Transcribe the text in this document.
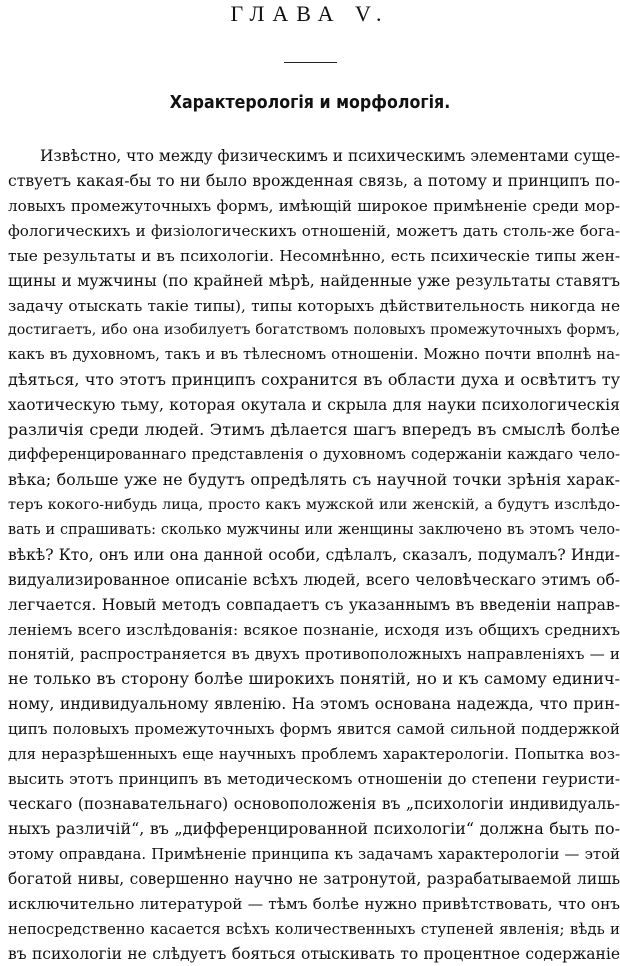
ГЛАВА V.
Характерологія и морфологія.
Извѣстно, что между физическимъ и психическимъ элементами суще-
ствуетъ какая-бы то ни было врожденная связь, а потому и принципъ по-
ловыхъ промежуточныхъ формъ, имѣющій широкое примѣненіе среди мор-
фологическихъ и физіологическихъ отношеній, можетъ дать столь-же бога-
тые результаты и въ психологіи. Несомнѣнно, есть психическіе типы жен-
щины и мужчины (по крайней мѣрѣ, найденные уже результаты ставятъ
задачу отыскать такіе типы), типы которыхъ дѣйствительность никогда не
достигаетъ, ибо она изобилуетъ богатствомъ половыхъ промежуточныхъ формъ,
какъ въ духовномъ, такъ и въ тѣлесномъ отношеніи. Можно почти вполнѣ на-
дѣяться, что этотъ принципъ сохранится въ области духа и освѣтитъ ту
хаотическую тьму, которая окутала и скрыла для науки психологическія
различія среди людей. Этимъ дѣлается шагъ впередъ въ смыслѣ болѣе
дифференцированнаго представленія о духовномъ содержаніи каждаго чело-
вѣка; больше уже не будутъ опредѣлять съ научной точки зрѣнія харак-
теръ кокого-нибудь лица, просто какъ мужской или женскій, а будутъ изслѣдо-
вать и спрашивать: сколько мужчины или женщины заключено въ этомъ чело-
вѣкѣ? Кто, онъ или она данной особи, сдѣлалъ, сказалъ, подумалъ? Инди-
видуализированное описаніе всѣхъ людей, всего человѣческаго этимъ об-
легчается. Новый методъ совпадаетъ съ указаннымъ въ введеніи направ-
леніемъ всего изслѣдованія: всякое познаніе, исходя изъ общихъ среднихъ
понятій, распространяется въ двухъ противоположныхъ направленіяхъ — и
не только въ сторону болѣе широкихъ понятій, но и къ самому единич-
ному, индивидуальному явленію. На этомъ основана надежда, что прин-
ципъ половыхъ промежуточныхъ формъ явится самой сильной поддержкой
для неразрѣшенныхъ еще научныхъ проблемъ характерологіи. Попытка воз-
высить этотъ принципъ въ методическомъ отношеніи до степени геуристи-
ческаго (познавательнаго) основоположенія въ „психологіи индивидуаль-
ныхъ различій“, въ „дифференцированной психологіи“ должна быть по-
этому оправдана. Примѣненіе принципа къ задачамъ характерологіи — этой
богатой нивы, совершенно научно не затронутой, разрабатываемой лишь
исключительно литературой — тѣмъ болѣе нужно привѣтствовать, что онъ
непосредственно касается всѣхъ количественныхъ ступеней явленія; вѣдь и
въ психологіи не слѣдуетъ бояться отыскивать то процентное содержаніе
